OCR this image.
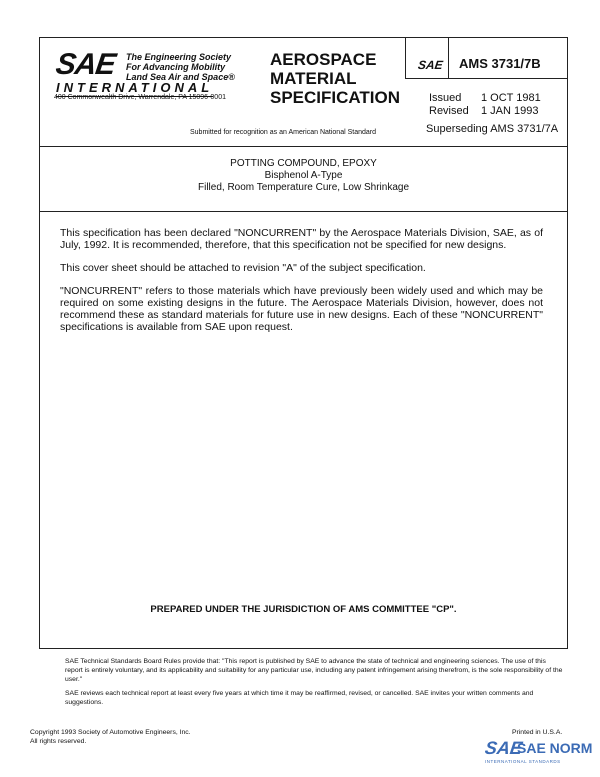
SAE The Engineering Society
For Advancing Mobility
Land Sea Air and Space®
INTERNATIONAL
400 Commonwealth Drive, Warrendale, PA 15096-0001
AEROSPACE
MATERIAL
SPECIFICATION
Submitted for recognition as an American National Standard
SAE AMS 3731/7B
Issued	1 OCT 1981
Revised	1 JAN 1993
Superseding AMS 3731/7A
POTTING COMPOUND, EPOXY
Bisphenol A-Type
Filled, Room Temperature Cure, Low Shrinkage

This specification has been declared "NONCURRENT" by the Aerospace Materials Division, SAE, as of July, 1992. It is recommended, therefore, that this specification not be specified for new designs.

This cover sheet should be attached to revision "A" of the subject specification.

"NONCURRENT" refers to those materials which have previously been widely used and which may be required on some existing designs in the future. The Aerospace Materials Division, however, does not recommend these as standard materials for future use in new designs. Each of these "NONCURRENT" specifications is available from SAE upon request.

PREPARED UNDER THE JURISDICTION OF AMS COMMITTEE "CP".

SAE Technical Standards Board Rules provide that: "This report is published by SAE to advance the state of technical and engineering sciences. The use of this report is entirely voluntary, and its applicability and suitability for any particular use, including any patent infringement arising therefrom, is the sole responsibility of the user."

SAE reviews each technical report at least every five years at which time it may be reaffirmed, revised, or cancelled. SAE invites your written comments and suggestions.

Copyright 1993 Society of Automotive Engineers, Inc.
All rights reserved.
Printed in U.S.A.
SAE
SAE NORM
INTERNATIONAL STANDARDS
